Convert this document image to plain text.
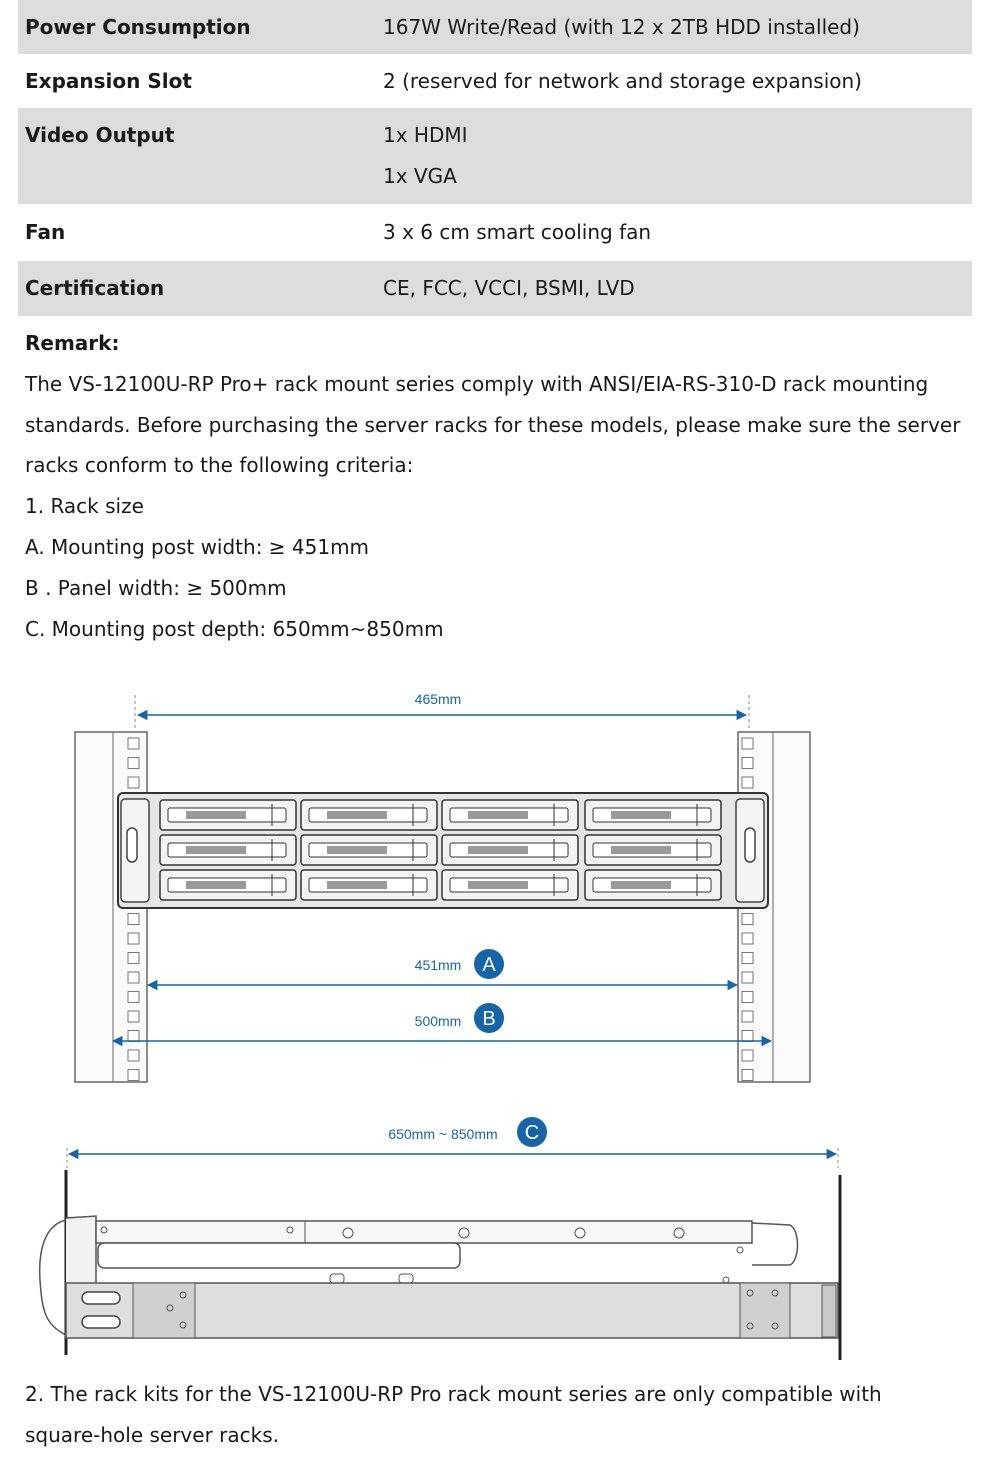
Power Consumption	167W Write/Read (with 12 x 2TB HDD installed)
Expansion Slot	2 (reserved for network and storage expansion)
Video Output	1x HDMI
1x VGA
Fan	3 x 6 cm smart cooling fan
Certification	CE, FCC, VCCI, BSMI, LVD
Remark:
The VS-12100U-RP Pro+ rack mount series comply with ANSI/EIA-RS-310-D rack mounting
standards. Before purchasing the server racks for these models, please make sure the server
racks conform to the following criteria:
1. Rack size
A. Mounting post width: ≥ 451mm
B . Panel width: ≥ 500mm
C. Mounting post depth: 650mm~850mm
465mm
451mm A
500mm B
650mm ~ 850mm C
2. The rack kits for the VS-12100U-RP Pro rack mount series are only compatible with
square-hole server racks.
